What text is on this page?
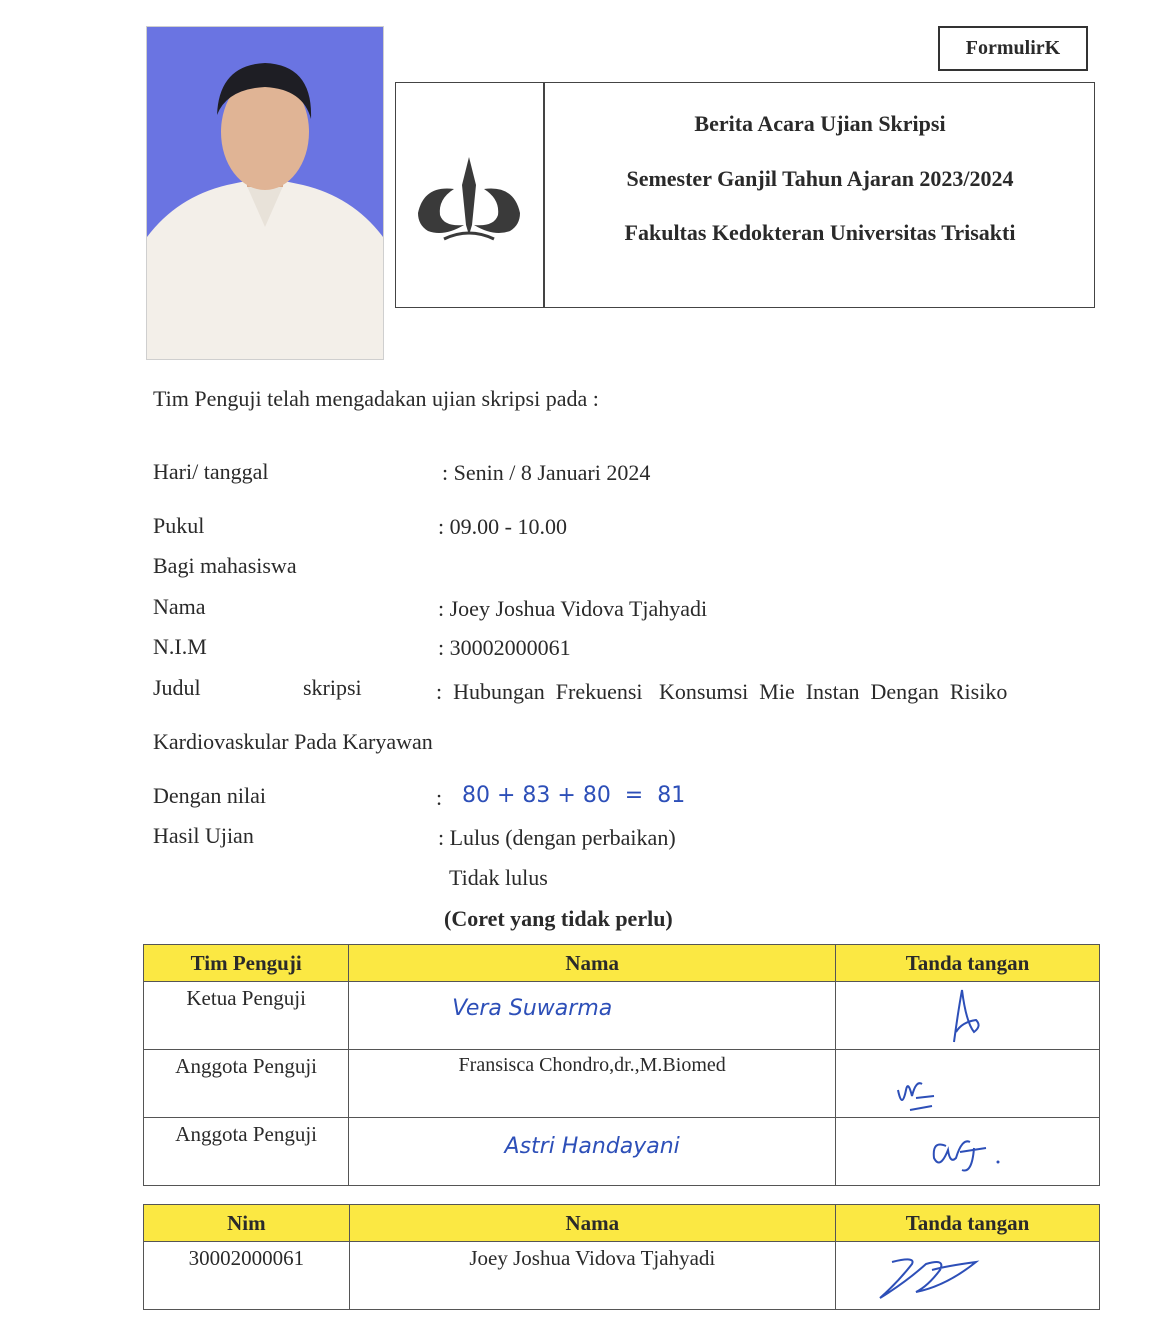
FormulirK
Berita Acara Ujian Skripsi
Semester Ganjil Tahun Ajaran 2023/2024
Fakultas Kedokteran Universitas Trisakti
Tim Penguji telah mengadakan ujian skripsi pada :
Hari/ tanggal	: Senin / 8 Januari 2024
Pukul	: 09.00 - 10.00
Bagi mahasiswa
Nama	: Joey Joshua Vidova Tjahyadi
N.I.M	: 30002000061
Judul	skripsi	:  Hubungan  Frekuensi   Konsumsi  Mie  Instan  Dengan  Risiko
Kardiovaskular Pada Karyawan
Dengan nilai	: 80 + 83 + 80  =  81
Hasil Ujian	: Lulus (dengan perbaikan)
Tidak lulus
(Coret yang tidak perlu)
Tim Penguji	Nama	Tanda tangan

Ketua Penguji	Vera Suwarma

Anggota Penguji	Fransisca Chondro,dr.,M.Biomed

Anggota Penguji	Astri Handayani

Nim	Nama	Tanda tangan

30002000061	Joey Joshua Vidova Tjahyadi
